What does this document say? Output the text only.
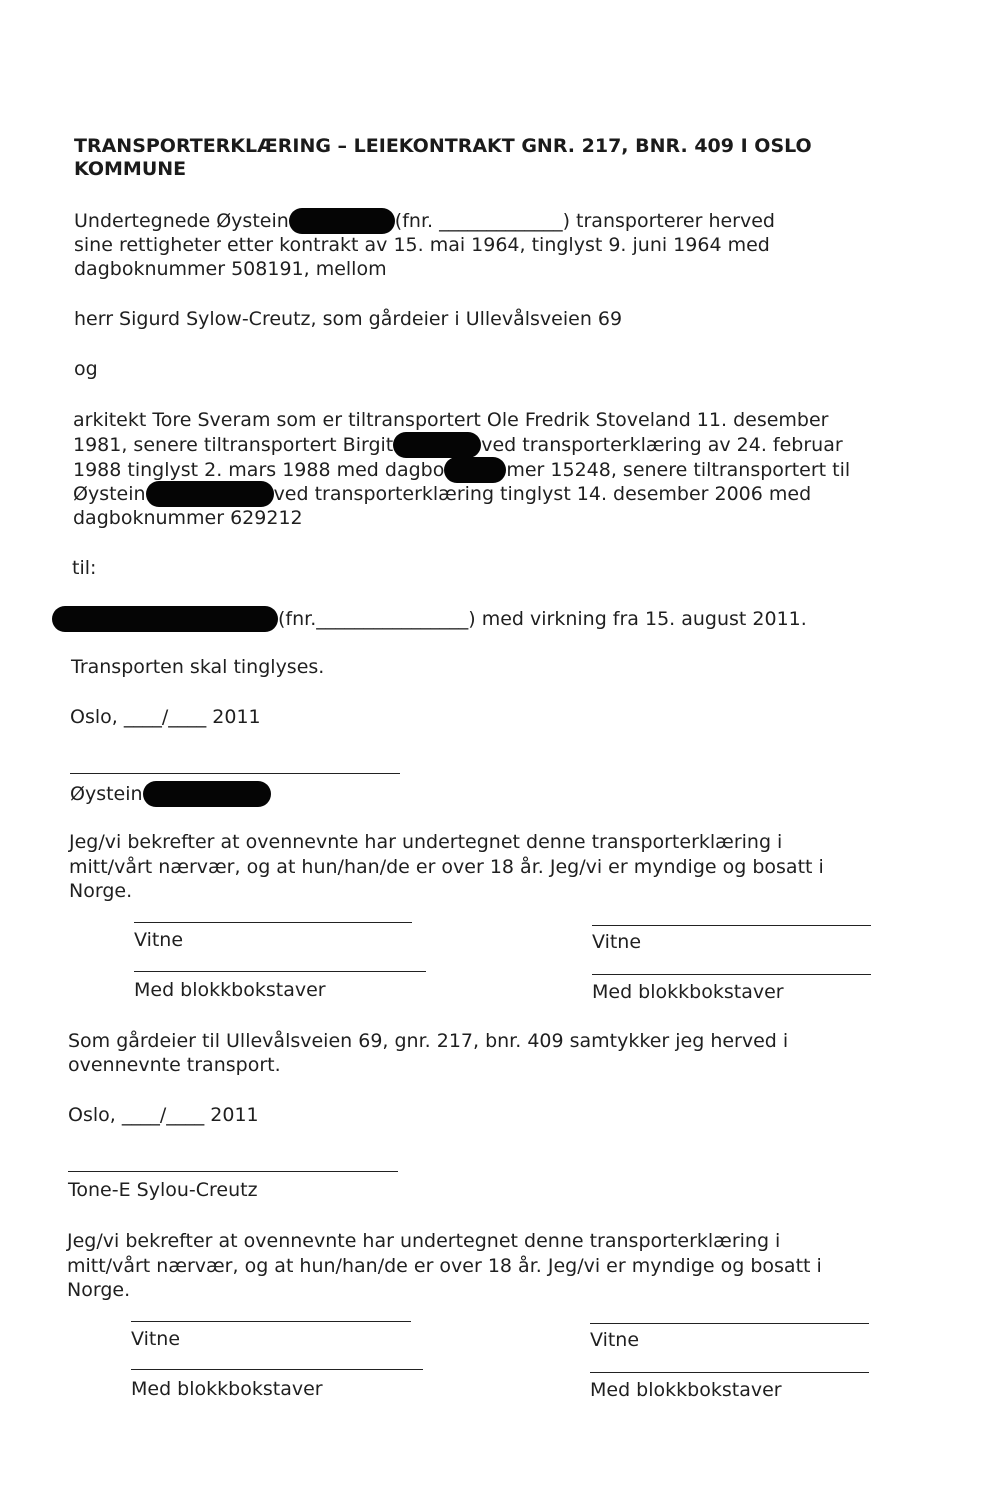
TRANSPORTERKLÆRING – LEIEKONTRAKT GNR. 217, BNR. 409 I OSLO

KOMMUNE

Undertegnede Øystein	(fnr. _____________) transporterer herved

sine rettigheter etter kontrakt av 15. mai 1964, tinglyst 9. juni 1964 med

dagboknummer 508191, mellom

herr Sigurd Sylow-Creutz, som gårdeier i Ullevålsveien 69

og

arkitekt Tore Sveram som er tiltransportert Ole Fredrik Stoveland 11. desember

1981, senere tiltransportert Birgit	ved transporterklæring av 24. februar

1988 tinglyst 2. mars 1988 med dagbo	mer 15248, senere tiltransportert til

Øystein	ved transporterklæring tinglyst 14. desember 2006 med

dagboknummer 629212

til:

(fnr.________________) med virkning fra 15. august 2011.

Transporten skal tinglyses.

Oslo, ____/____ 2011

Øystein

Jeg/vi bekrefter at ovennevnte har undertegnet denne transporterklæring i

mitt/vårt nærvær, og at hun/han/de er over 18 år. Jeg/vi er myndige og bosatt i

Norge.

Vitne

Med blokkbokstaver

Vitne

Med blokkbokstaver

Som gårdeier til Ullevålsveien 69, gnr. 217, bnr. 409 samtykker jeg herved i

ovennevnte transport.

Oslo, ____/____ 2011

Tone-E Sylou-Creutz

Jeg/vi bekrefter at ovennevnte har undertegnet denne transporterklæring i

mitt/vårt nærvær, og at hun/han/de er over 18 år. Jeg/vi er myndige og bosatt i

Norge.

Vitne

Med blokkbokstaver

Vitne

Med blokkbokstaver
